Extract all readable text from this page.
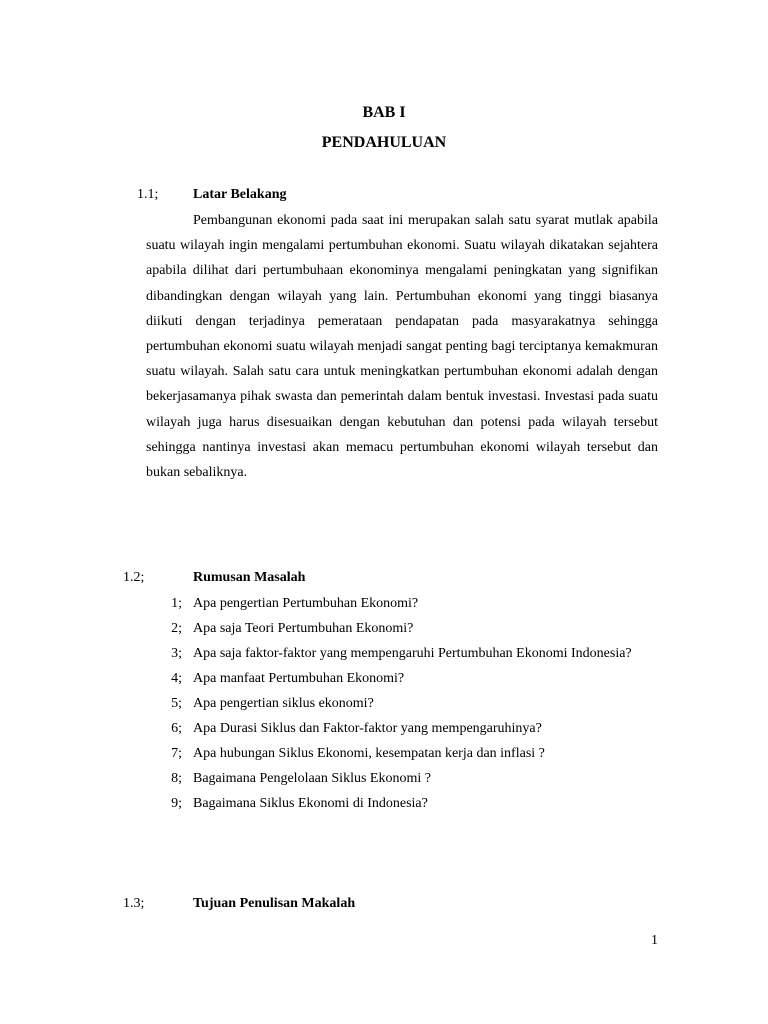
BAB I
PENDAHULUAN
1.1; Latar Belakang

Pembangunan ekonomi pada saat ini merupakan salah satu syarat mutlak apabila suatu wilayah ingin mengalami pertumbuhan ekonomi. Suatu wilayah dikatakan sejahtera apabila dilihat dari pertumbuhaan ekonominya mengalami peningkatan yang signifikan dibandingkan dengan wilayah yang lain. Pertumbuhan ekonomi yang tinggi biasanya diikuti dengan terjadinya pemerataan pendapatan pada masyarakatnya sehingga pertumbuhan ekonomi suatu wilayah menjadi sangat penting bagi terciptanya kemakmuran suatu wilayah. Salah satu cara untuk meningkatkan pertumbuhan ekonomi adalah dengan bekerjasamanya pihak swasta dan pemerintah dalam bentuk investasi. Investasi pada suatu wilayah juga harus disesuaikan dengan kebutuhan dan potensi pada wilayah tersebut sehingga nantinya investasi akan memacu pertumbuhan ekonomi wilayah tersebut dan bukan sebaliknya.

1.2;	Rumusan Masalah
1 ; Apa pengertian Pertumbuhan Ekonomi?
2 ; Apa saja Teori Pertumbuhan Ekonomi?
3 ; Apa saja faktor-faktor yang mempengaruhi Pertumbuhan Ekonomi Indonesia?
4 ; Apa manfaat Pertumbuhan Ekonomi?
5 ; Apa pengertian siklus ekonomi?
6 ; Apa Durasi Siklus dan Faktor-faktor yang mempengaruhinya?
7 ; Apa hubungan Siklus Ekonomi, kesempatan kerja dan inflasi ?
8 ; Bagaimana Pengelolaan Siklus Ekonomi ?
9 ; Bagaimana Siklus Ekonomi di Indonesia?
1.3;	Tujuan Penulisan Makalah
1
